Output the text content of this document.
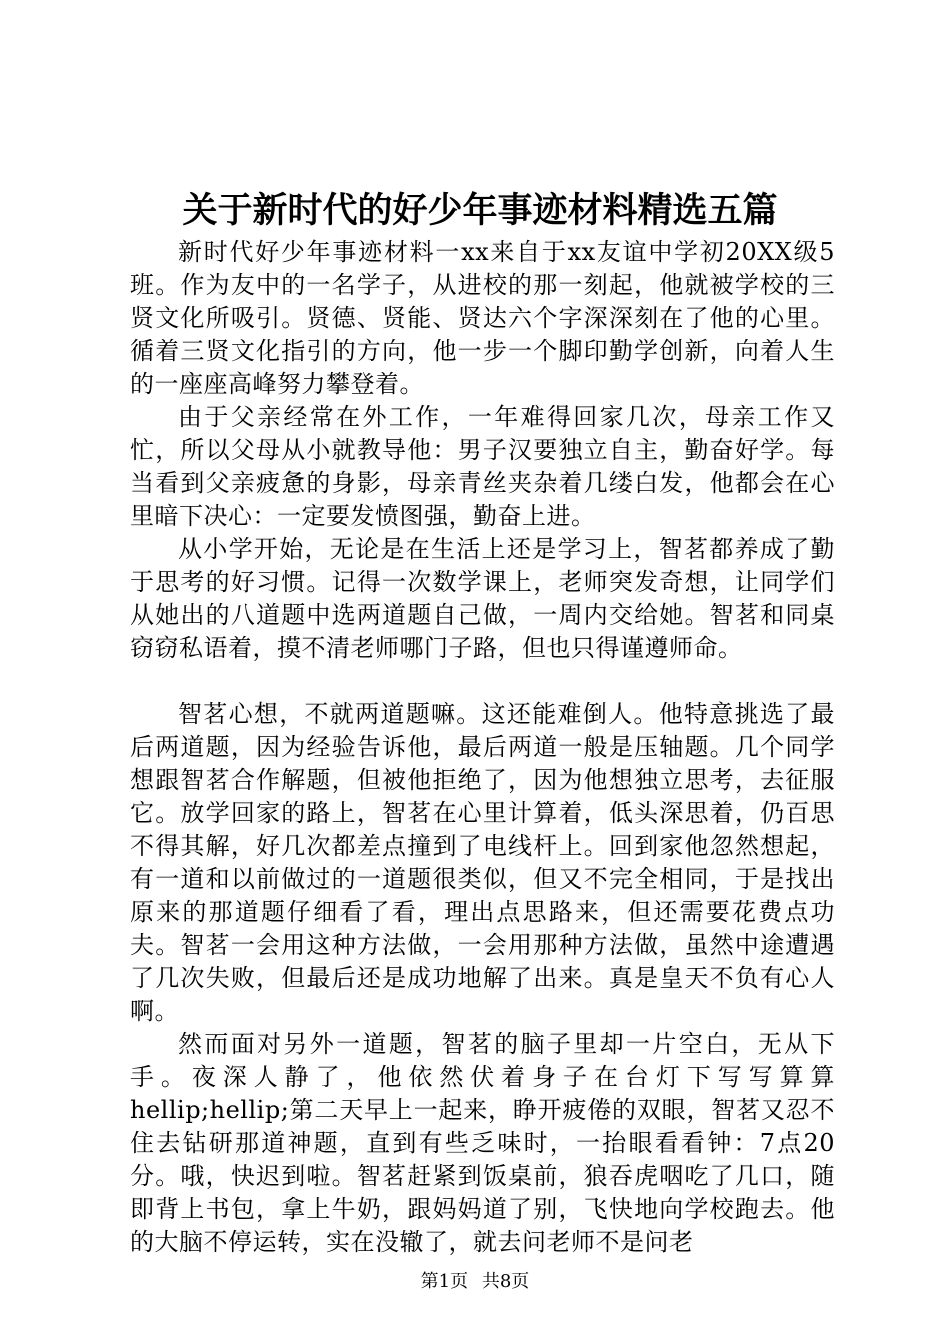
关于新时代的好少年事迹材料精选五篇

新时代好少年事迹材料一xx来自于xx友谊中学初20XX级5班。作为友中的一名学子，从进校的那一刻起，他就被学校的三贤文化所吸引。贤德、贤能、贤达六个字深深刻在了他的心里。循着三贤文化指引的方向，他一步一个脚印勤学创新，向着人生的一座座高峰努力攀登着。

由于父亲经常在外工作，一年难得回家几次，母亲工作又忙，所以父母从小就教导他：男子汉要独立自主，勤奋好学。每当看到父亲疲惫的身影，母亲青丝夹杂着几缕白发，他都会在心里暗下决心：一定要发愤图强，勤奋上进。

从小学开始，无论是在生活上还是学习上，智茗都养成了勤于思考的好习惯。记得一次数学课上，老师突发奇想，让同学们从她出的八道题中选两道题自己做，一周内交给她。智茗和同桌窃窃私语着，摸不清老师哪门子路，但也只得谨遵师命。

智茗心想，不就两道题嘛。这还能难倒人。他特意挑选了最后两道题，因为经验告诉他，最后两道一般是压轴题。几个同学想跟智茗合作解题，但被他拒绝了，因为他想独立思考，去征服它。放学回家的路上，智茗在心里计算着，低头深思着，仍百思不得其解，好几次都差点撞到了电线杆上。回到家他忽然想起，有一道和以前做过的一道题很类似，但又不完全相同，于是找出原来的那道题仔细看了看，理出点思路来，但还需要花费点功夫。智茗一会用这种方法做，一会用那种方法做，虽然中途遭遇了几次失败，但最后还是成功地解了出来。真是皇天不负有心人啊。

然而面对另外一道题，智茗的脑子里却一片空白，无从下手。夜深人静了，他依然伏着身子在台灯下写写算算hellip;hellip;第二天早上一起来，睁开疲倦的双眼，智茗又忍不住去钻研那道神题，直到有些乏味时，一抬眼看看钟：7点20分。哦，快迟到啦。智茗赶紧到饭桌前，狼吞虎咽吃了几口，随即背上书包，拿上牛奶，跟妈妈道了别，飞快地向学校跑去。他的大脑不停运转，实在没辙了，就去问老师不是问老

第1页 共8页
